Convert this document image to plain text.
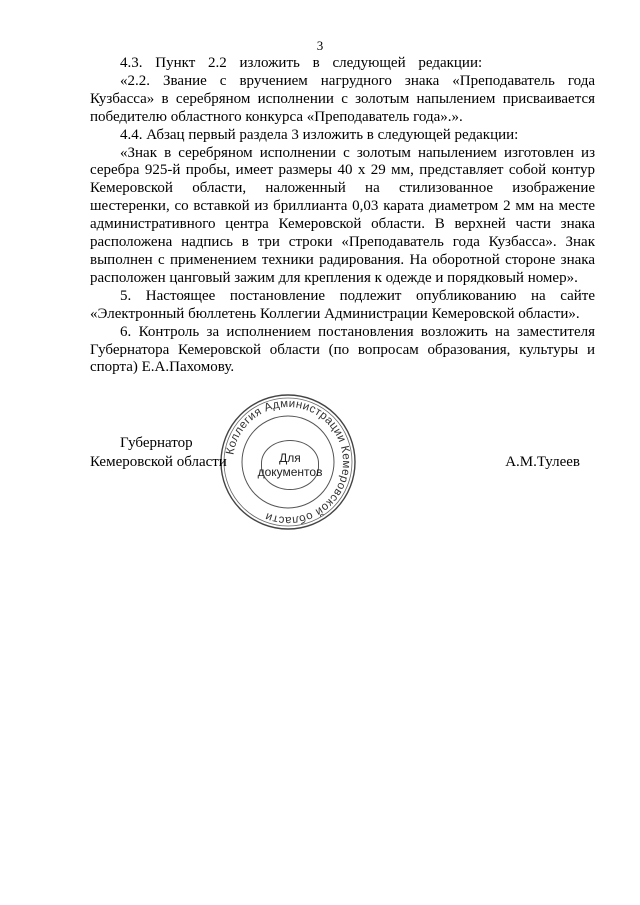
3

4.3. Пункт 2.2 изложить в следующей редакции:

«2.2. Звание с вручением нагрудного знака «Преподаватель года Кузбасса» в серебряном исполнении с золотым напылением присваивается победителю областного конкурса «Преподаватель года».».

4.4. Абзац первый раздела 3 изложить в следующей редакции:

«Знак в серебряном исполнении с золотым напылением изготовлен из серебра 925-й пробы, имеет размеры 40 х 29 мм, представляет собой контур Кемеровской области, наложенный на стилизованное изображение шестеренки, со вставкой из бриллианта 0,03 карата диаметром 2 мм на месте административного центра Кемеровской области. В верхней части знака расположена надпись в три строки «Преподаватель года Кузбасса». Знак выполнен с применением техники радирования. На оборотной стороне знака расположен цанговый зажим для крепления к одежде и порядковый номер».

5. Настоящее постановление подлежит опубликованию на сайте «Электронный бюллетень Коллегии Администрации Кемеровской области».

6. Контроль за исполнением постановления возложить на заместителя Губернатора Кемеровской области (по вопросам образования, культуры и спорта) Е.А.Пахомову.

Коллегия Администрации Кемеровской области
Для
документов
Губернатор
Кемеровской области	А.М.Тулеев
